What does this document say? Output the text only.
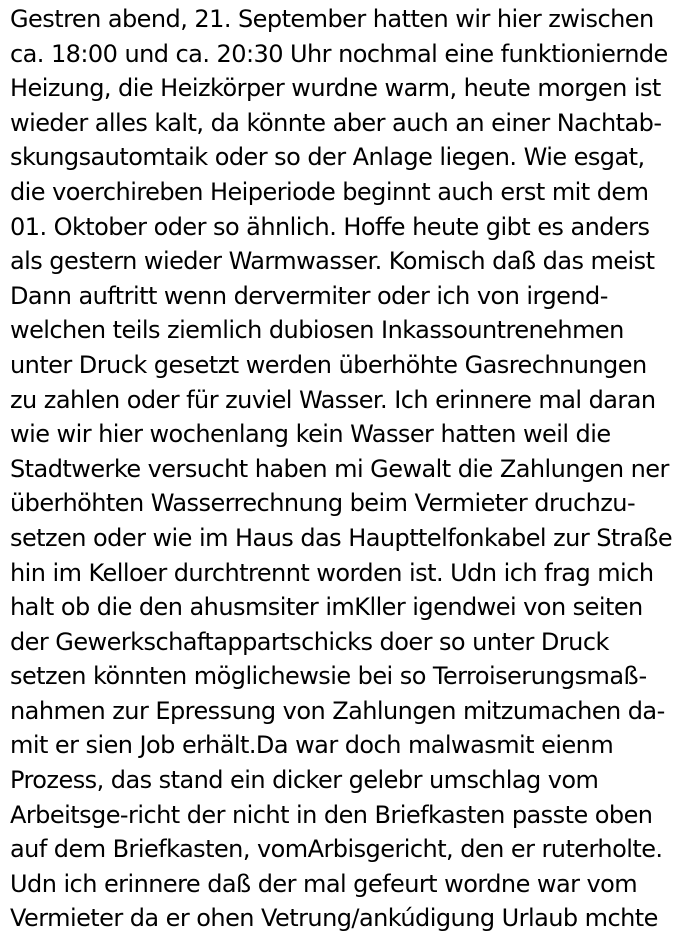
Gestren abend, 21. September hatten wir hier zwischen
ca. 18:00 und ca. 20:30 Uhr nochmal eine funktioniernde
Heizung, die Heizkörper wurdne warm, heute morgen ist
wieder alles kalt, da könnte aber auch an einer Nachtab-
skungsautomtaik oder so der Anlage liegen. Wie esgat,
die voerchireben Heiperiode beginnt auch erst mit dem
01. Oktober oder so ähnlich. Hoffe heute gibt es anders
als gestern wieder Warmwasser. Komisch daß das meist
Dann auftritt wenn dervermiter oder ich von irgend-
welchen teils ziemlich dubiosen Inkassountrenehmen
unter Druck gesetzt werden überhöhte Gasrechnungen
zu zahlen oder für zuviel Wasser. Ich erinnere mal daran
wie wir hier wochenlang kein Wasser hatten weil die
Stadtwerke versucht haben mi Gewalt die Zahlungen ner
überhöhten Wasserrechnung beim Vermieter druchzu-
setzen oder wie im Haus das Haupttelfonkabel zur Straße
hin im Kelloer durchtrennt worden ist. Udn ich frag mich
halt ob die den ahusmsiter imKller igendwei von seiten
der Gewerkschaftappartschicks doer so unter Druck
setzen könnten möglichewsie bei so Terroiserungsmaß-
nahmen zur Epressung von Zahlungen mitzumachen da-
mit er sien Job erhält.Da war doch malwasmit eienm
Prozess, das stand ein dicker gelebr umschlag vom
Arbeitsge-richt der nicht in den Briefkasten passte oben
auf dem Briefkasten, vomArbisgericht, den er ruterholte.
Udn ich erinnere daß der mal gefeurt wordne war vom
Vermieter da er ohen Vetrung/ankúdigung Urlaub mchte
